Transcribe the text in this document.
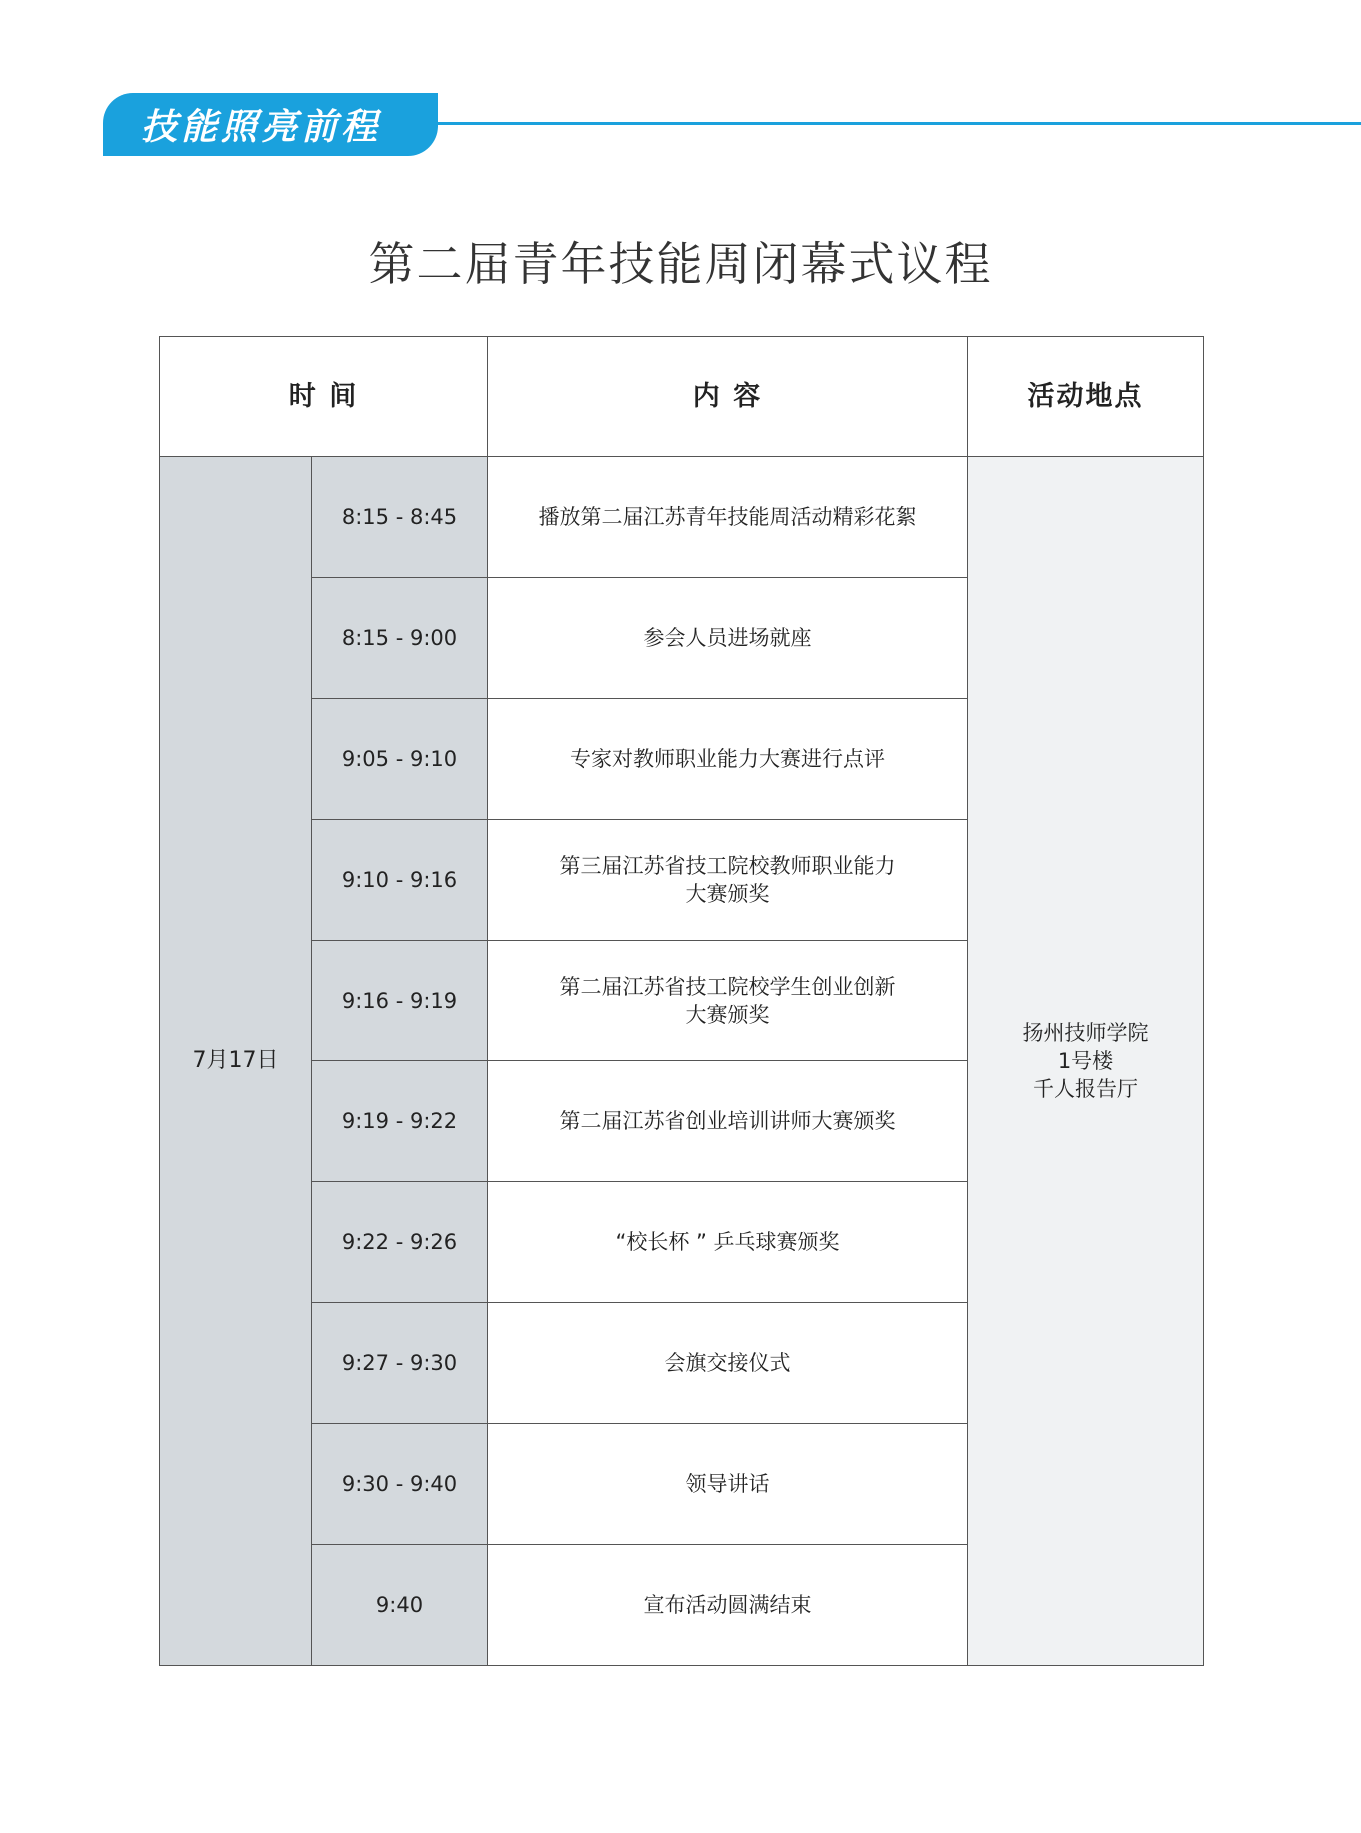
技能照亮前程
第二届青年技能周闭幕式议程
时 间		内 容	活动地点
7月17日	8:15 - 8:45	播放第二届江苏青年技能周活动精彩花絮	扬州技师学院
1号楼
千人报告厅

	8:15 - 9:00	参会人员进场就座	

	9:05 - 9:10	专家对教师职业能力大赛进行点评	

	9:10 - 9:16	第三届江苏省技工院校教师职业能力
大赛颁奖	

	9:16 - 9:19	第二届江苏省技工院校学生创业创新
大赛颁奖	

	9:19 - 9:22	第二届江苏省创业培训讲师大赛颁奖	

	9:22 - 9:26	“校长杯 ” 乒乓球赛颁奖	

	9:27 - 9:30	会旗交接仪式	

	9:30 - 9:40	领导讲话	

	9:40	宣布活动圆满结束	
